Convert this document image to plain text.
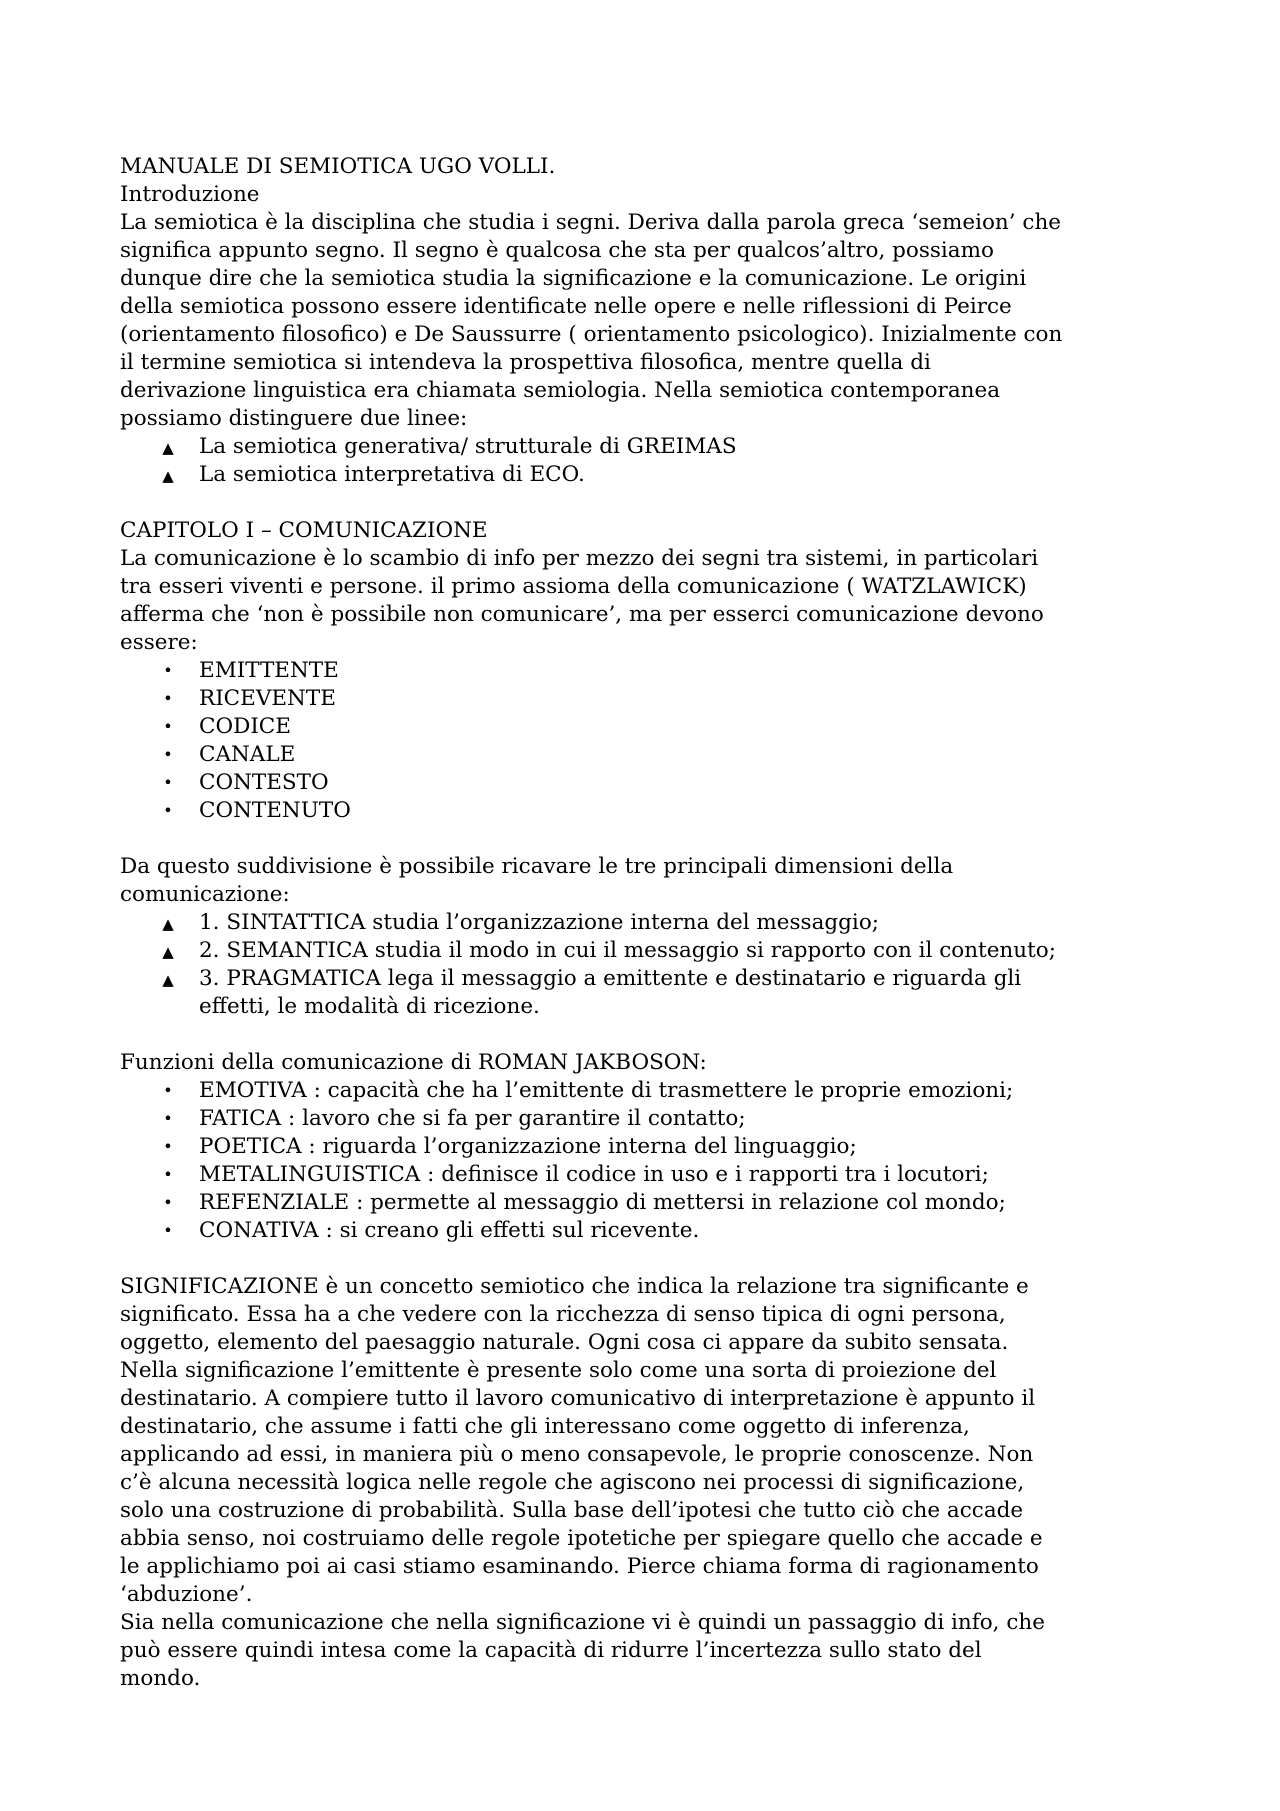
MANUALE DI SEMIOTICA UGO VOLLI.
Introduzione
La semiotica è la disciplina che studia i segni. Deriva dalla parola greca ‘semeion’ che
significa appunto segno. Il segno è qualcosa che sta per qualcos’altro, possiamo
dunque dire che la semiotica studia la significazione e la comunicazione. Le origini
della semiotica possono essere identificate nelle opere e nelle riflessioni di Peirce
(orientamento filosofico) e De Saussurre ( orientamento psicologico). Inizialmente con
il termine semiotica si intendeva la prospettiva filosofica, mentre quella di
derivazione linguistica era chiamata semiologia. Nella semiotica contemporanea
possiamo distinguere due linee:
▲ La semiotica generativa/ strutturale di GREIMAS
▲ La semiotica interpretativa di ECO.
CAPITOLO I – COMUNICAZIONE
La comunicazione è lo scambio di info per mezzo dei segni tra sistemi, in particolari
tra esseri viventi e persone. il primo assioma della comunicazione ( WATZLAWICK)
afferma che ‘non è possibile non comunicare’, ma per esserci comunicazione devono
essere:
•	EMITTENTE
•	RICEVENTE
•	CODICE
•	CANALE
•	CONTESTO
•	CONTENUTO
Da questo suddivisione è possibile ricavare le tre principali dimensioni della
comunicazione:
▲ 1. SINTATTICA studia l’organizzazione interna del messaggio;
▲ 2. SEMANTICA studia il modo in cui il messaggio si rapporto con il contenuto;
▲ 3. PRAGMATICA lega il messaggio a emittente e destinatario e riguarda gli
effetti, le modalità di ricezione.
Funzioni della comunicazione di ROMAN JAKBOSON:
•	EMOTIVA : capacità che ha l’emittente di trasmettere le proprie emozioni;
•	FATICA : lavoro che si fa per garantire il contatto;
•	POETICA : riguarda l’organizzazione interna del linguaggio;
•	METALINGUISTICA : definisce il codice in uso e i rapporti tra i locutori;
•	REFENZIALE : permette al messaggio di mettersi in relazione col mondo;
•	CONATIVA : si creano gli effetti sul ricevente.
SIGNIFICAZIONE è un concetto semiotico che indica la relazione tra significante e
significato. Essa ha a che vedere con la ricchezza di senso tipica di ogni persona,
oggetto, elemento del paesaggio naturale. Ogni cosa ci appare da subito sensata.
Nella significazione l’emittente è presente solo come una sorta di proiezione del
destinatario. A compiere tutto il lavoro comunicativo di interpretazione è appunto il
destinatario, che assume i fatti che gli interessano come oggetto di inferenza,
applicando ad essi, in maniera più o meno consapevole, le proprie conoscenze. Non
c’è alcuna necessità logica nelle regole che agiscono nei processi di significazione,
solo una costruzione di probabilità. Sulla base dell’ipotesi che tutto ciò che accade
abbia senso, noi costruiamo delle regole ipotetiche per spiegare quello che accade e
le applichiamo poi ai casi stiamo esaminando. Pierce chiama forma di ragionamento
‘abduzione’.
Sia nella comunicazione che nella significazione vi è quindi un passaggio di info, che
può essere quindi intesa come la capacità di ridurre l’incertezza sullo stato del
mondo.
